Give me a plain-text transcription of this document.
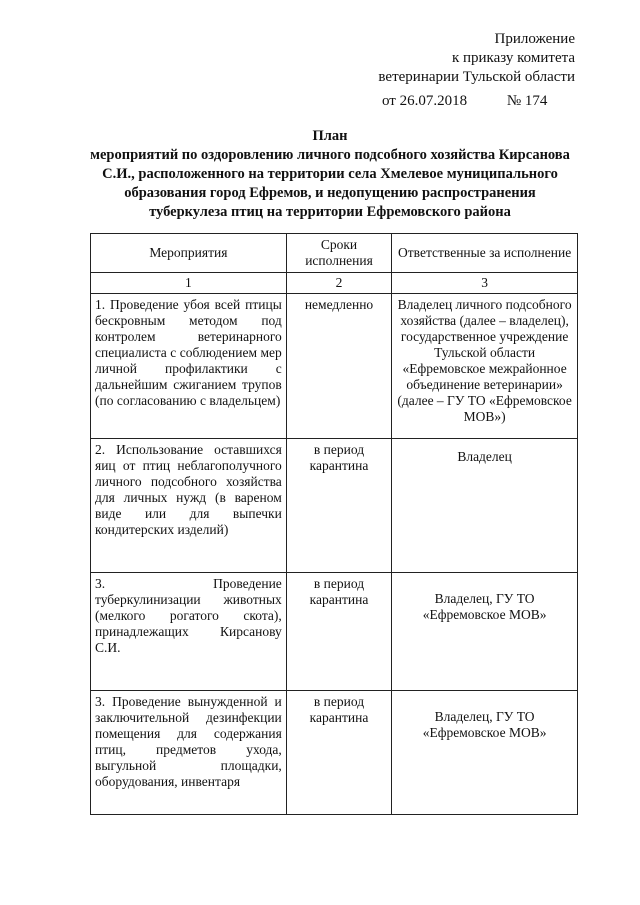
Приложение
к приказу комитета
ветеринарии Тульской области
от 26.07.2018	№ 174
План
мероприятий по оздоровлению личного подсобного хозяйства Кирсанова
С.И., расположенного на территории села Хмелевое муниципального
образования город Ефремов, и недопущению распространения
туберкулеза птиц на территории Ефремовского района
Мероприятия	Сроки исполнения	Ответственные за исполнение
1	2	3
1. Проведение убоя всей птицы бескровным методом под контролем ветеринарного специалиста с соблюдением мер личной профилактики с дальнейшим сжиганием трупов (по согласованию с владельцем)	немедленно	Владелец личного подсобного хозяйства (далее – владелец), государственное учреждение Тульской области «Ефремовское межрайонное объединение ветеринарии» (далее – ГУ ТО «Ефремовское МОВ»)
2. Использование оставшихся яиц от птиц неблагополучного личного подсобного хозяйства для личных нужд (в вареном виде или для выпечки кондитерских изделий)	в период карантина	Владелец
3. Проведение туберкулинизации животных (мелкого рогатого скота), принадлежащих Кирсанову С.И.	в период карантина	Владелец, ГУ ТО «Ефремовское МОВ»
3. Проведение вынужденной и заключительной дезинфекции помещения для содержания птиц, предметов ухода, выгульной площадки, оборудования, инвентаря	в период карантина	Владелец, ГУ ТО «Ефремовское МОВ»
